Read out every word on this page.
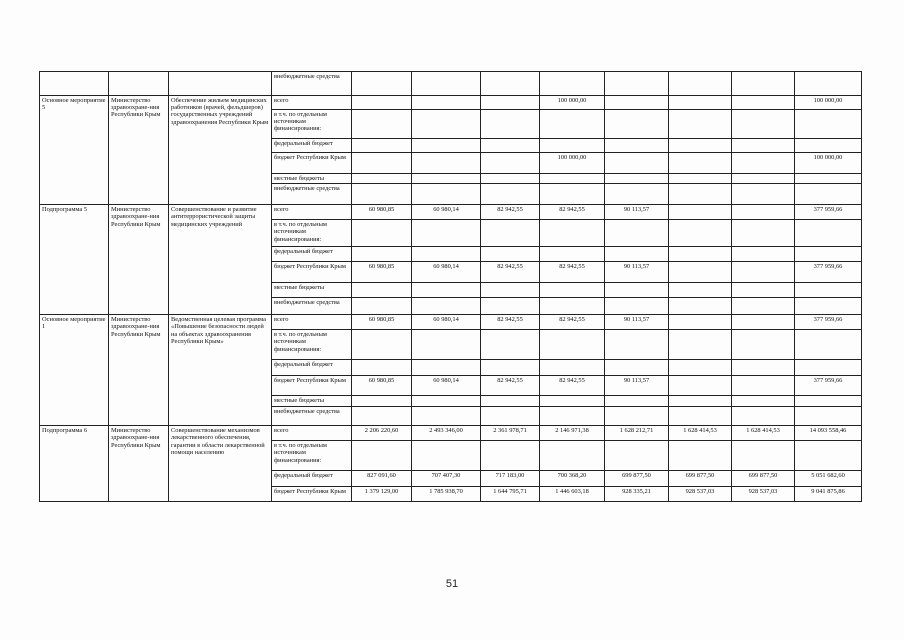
			внебюджетные средства								
Основное мероприятие 5	Министерство здравоохране-ния Республики Крым	Обеспечение жильем медицинских работников (врачей, фельдшеров) государственных учреждений здравоохранения Республики Крым	всего				100 000,00				100 000,00
			в т.ч. по отдельным источникам финансирования:								
			федеральный бюджет								
			бюджет Республики Крым				100 000,00				100 000,00
			местные бюджеты								
			внебюджетные средства								
Подпрограмма 5	Министерство здравоохране-ния Республики Крым	Совершенствование и развитие антитеррористической защиты медицинских учреждений	всего	60 980,85	60 980,14	82 942,55	82 942,55	90 113,57			377 959,66
			в т.ч. по отдельным источникам финансирования:								
			федеральный бюджет								
			бюджет Республики Крым	60 980,85	60 980,14	82 942,55	82 942,55	90 113,57			377 959,66
			местные бюджеты								
			внебюджетные средства								
Основное мероприятие 1	Министерство здравоохране-ния Республики Крым	Ведомственная целевая программа «Повышение безопасности людей на объектах здравоохранения Республики Крым»	всего	60 980,85	60 980,14	82 942,55	82 942,55	90 113,57			377 959,66
			в т.ч. по отдельным источникам финансирования:								
			федеральный бюджет								
			бюджет Республики Крым	60 980,85	60 980,14	82 942,55	82 942,55	90 113,57			377 959,66
			местные бюджеты								
			внебюджетные средства								
Подпрограмма 6	Министерство здравоохране-ния Республики Крым	Совершенствование механизмов лекарственного обеспечения, гарантии в области лекарственной помощи населению	всего	2 206 220,60	2 493 346,00	2 361 978,71	2 146 971,38	1 628 212,71	1 628 414,53	1 628 414,53	14 093 558,46
			в т.ч. по отдельным источникам финансирования:								
			федеральный бюджет	827 091,60	707 407,30	717 183,00	700 368,20	699 877,50	699 877,50	699 877,50	5 051 682,60
			бюджет Республики Крым	1 379 129,00	1 785 938,70	1 644 795,71	1 446 603,18	928 335,21	928 537,03	928 537,03	9 041 875,86
51
